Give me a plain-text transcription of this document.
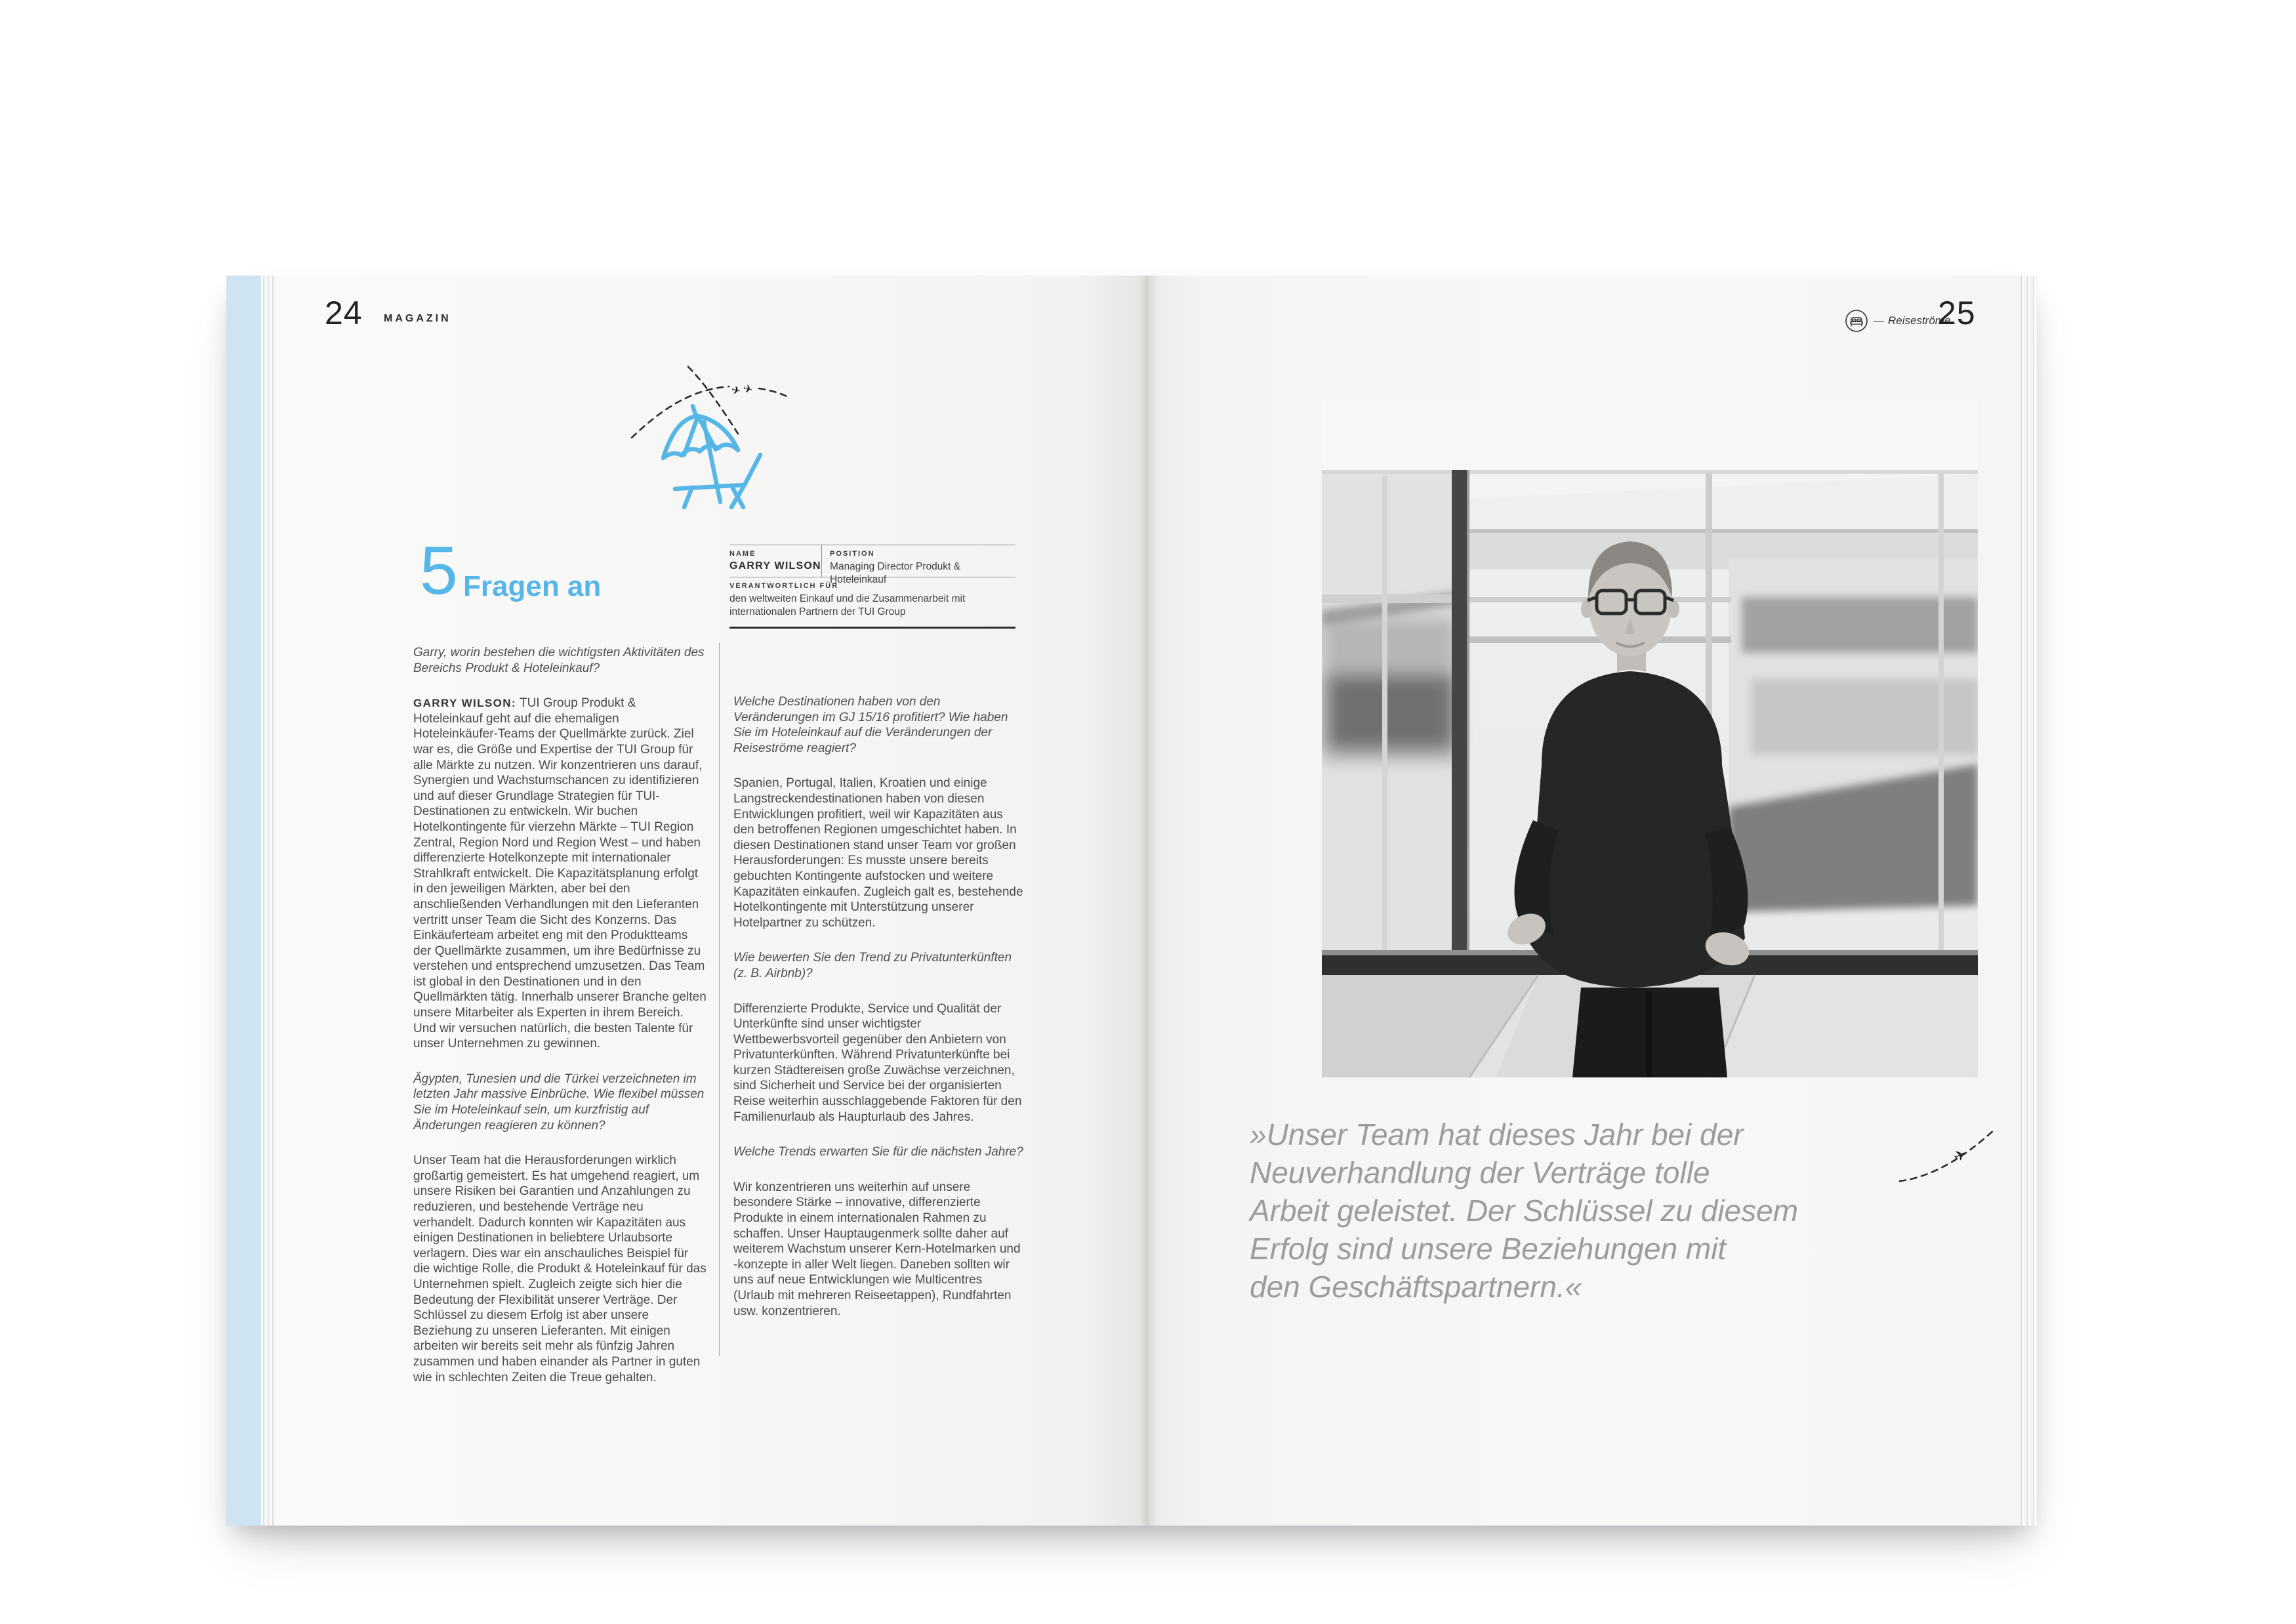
24 MAGAZIN
✈ ✈
5 Fragen an
NAME
GARRY WILSON
POSITION
Managing Director Produkt & Hoteleinkauf
VERANTWORTLICH FÜR
den weltweiten Einkauf und die Zusammenarbeit mit
internationalen Partnern der TUI Group

Garry, worin bestehen die wichtigsten Aktivitäten des Bereichs Produkt & Hoteleinkauf?

GARRY WILSON: TUI Group Produkt & Hoteleinkauf geht auf die ehemaligen Hoteleinkäufer-Teams der Quellmärkte zurück. Ziel war es, die Größe und Expertise der TUI Group für alle Märkte zu nutzen. Wir konzentrieren uns darauf, Synergien und Wachstumschancen zu identifizieren und auf dieser Grundlage Strategien für TUI-Destinationen zu entwickeln. Wir buchen Hotelkontingente für vierzehn Märkte – TUI Region Zentral, Region Nord und Region West – und haben differenzierte Hotelkonzepte mit internationaler Strahlkraft entwickelt. Die Kapazitätsplanung erfolgt in den jeweiligen Märkten, aber bei den anschließenden Verhandlungen mit den Lieferanten vertritt unser Team die Sicht des Konzerns. Das Einkäuferteam arbeitet eng mit den Produktteams der Quellmärkte zusammen, um ihre Bedürfnisse zu verstehen und entsprechend umzusetzen. Das Team ist global in den Destinationen und in den Quellmärkten tätig. Innerhalb unserer Branche gelten unsere Mitarbeiter als Experten in ihrem Bereich. Und wir versuchen natürlich, die besten Talente für unser Unternehmen zu gewinnen.

Ägypten, Tunesien und die Türkei verzeichneten im letzten Jahr massive Einbrüche. Wie flexibel müssen Sie im Hoteleinkauf sein, um kurzfristig auf Änderungen reagieren zu können?

Unser Team hat die Herausforderungen wirklich großartig gemeistert. Es hat umgehend reagiert, um unsere Risiken bei Garantien und Anzahlungen zu reduzieren, und bestehende Verträge neu verhandelt. Dadurch konnten wir Kapazitäten aus einigen Destinationen in beliebtere Urlaubsorte verlagern. Dies war ein anschauliches Beispiel für die wichtige Rolle, die Produkt & Hoteleinkauf für das Unternehmen spielt. Zugleich zeigte sich hier die Bedeutung der Flexibilität unserer Verträge. Der Schlüssel zu diesem Erfolg ist aber unsere Beziehung zu unseren Lieferanten. Mit einigen arbeiten wir bereits seit mehr als fünfzig Jahren zusammen und haben einander als Partner in guten wie in schlechten Zeiten die Treue gehalten.

Welche Destinationen haben von den Veränderungen im GJ 15/16 profitiert? Wie haben Sie im Hoteleinkauf auf die Veränderungen der Reiseströme reagiert?

Spanien, Portugal, Italien, Kroatien und einige Langstreckendestinationen haben von diesen Entwicklungen profitiert, weil wir Kapazitäten aus den betroffenen Regionen umgeschichtet haben. In diesen Destinationen stand unser Team vor großen Herausforderungen: Es musste unsere bereits gebuchten Kontingente aufstocken und weitere Kapazitäten einkaufen. Zugleich galt es, bestehende Hotelkontingente mit Unterstützung unserer Hotelpartner zu schützen.

Wie bewerten Sie den Trend zu Privatunterkünften (z. B. Airbnb)?

Differenzierte Produkte, Service und Qualität der Unterkünfte sind unser wichtigster Wettbewerbsvorteil gegenüber den Anbietern von Privatunterkünften. Während Privatunterkünfte bei kurzen Städtereisen große Zuwächse verzeichnen, sind Sicherheit und Service bei der organisierten Reise weiterhin ausschlaggebende Faktoren für den Familienurlaub als Haupturlaub des Jahres.

Welche Trends erwarten Sie für die nächsten Jahre?

Wir konzentrieren uns weiterhin auf unsere besondere Stärke – innovative, differenzierte Produkte in einem internationalen Rahmen zu schaffen. Unser Hauptaugenmerk sollte daher auf weiterem Wachstum unserer Kern-Hotelmarken und -konzepte in aller Welt liegen. Daneben sollten wir uns auf neue Entwicklungen wie Multicentres (Urlaub mit mehreren Reiseetappen), Rundfahrten usw. konzentrieren.

— Reiseströme
25
»Unser Team hat dieses Jahr bei der
Neuverhandlung der Verträge tolle
Arbeit geleistet. Der Schlüssel zu diesem
Erfolg sind unsere Beziehungen mit
den Geschäftspartnern.«
✈
